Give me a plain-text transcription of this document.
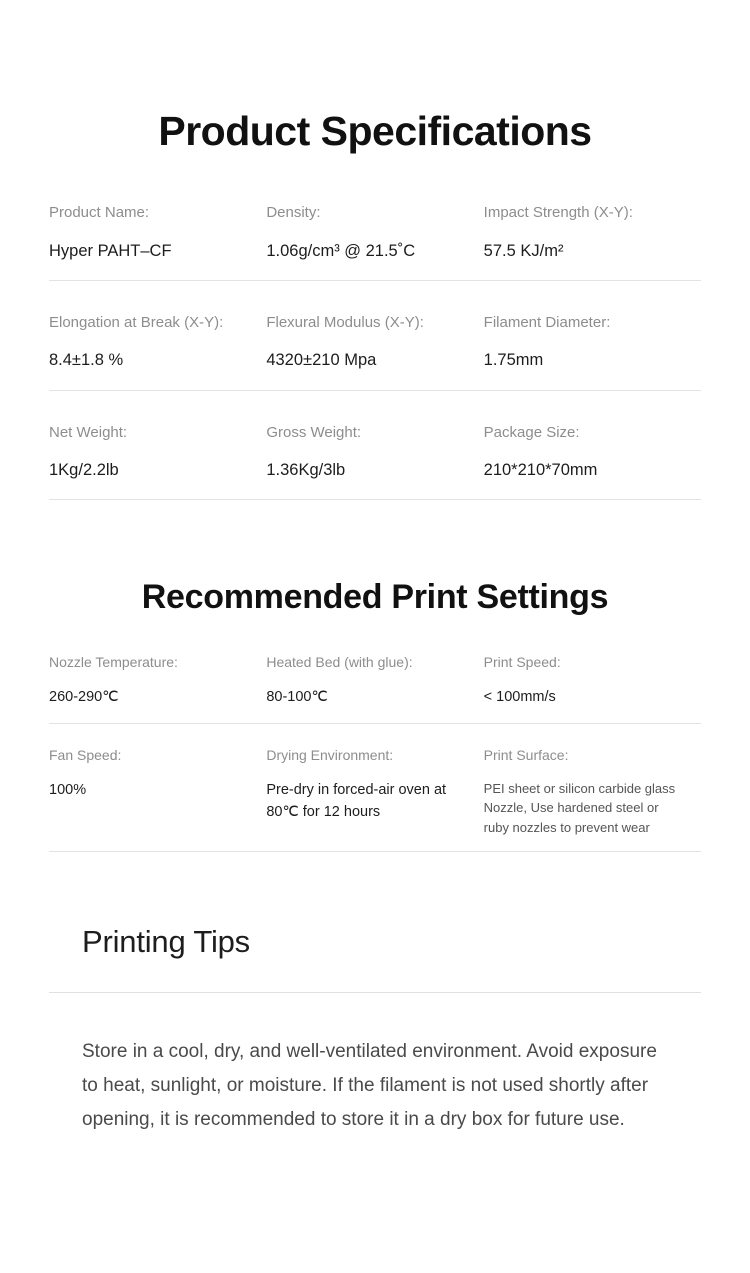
Product Specifications
Product Name:
Hyper PAHT–CF
Density:
1.06g/cm³ @ 21.5˚C
Impact Strength (X-Y):
57.5 KJ/m²
Elongation at Break (X-Y):
8.4±1.8 %
Flexural Modulus (X-Y):
4320±210 Mpa
Filament Diameter:
1.75mm
Net Weight:
1Kg/2.2lb
Gross Weight:
1.36Kg/3lb
Package Size:
210*210*70mm
Recommended Print Settings
Nozzle Temperature:
260-290℃
Heated Bed (with glue):
80-100℃
Print Speed:
< 100mm/s
Fan Speed:
100%
Drying Environment:
Pre-dry in forced-air oven at 80℃ for 12 hours
Print Surface:
PEI sheet or silicon carbide glass Nozzle, Use hardened steel or ruby nozzles to prevent wear
Printing Tips

Store in a cool, dry, and well-ventilated environment. Avoid exposure to heat, sunlight, or moisture. If the filament is not used shortly after opening, it is recommended to store it in a dry box for future use.
